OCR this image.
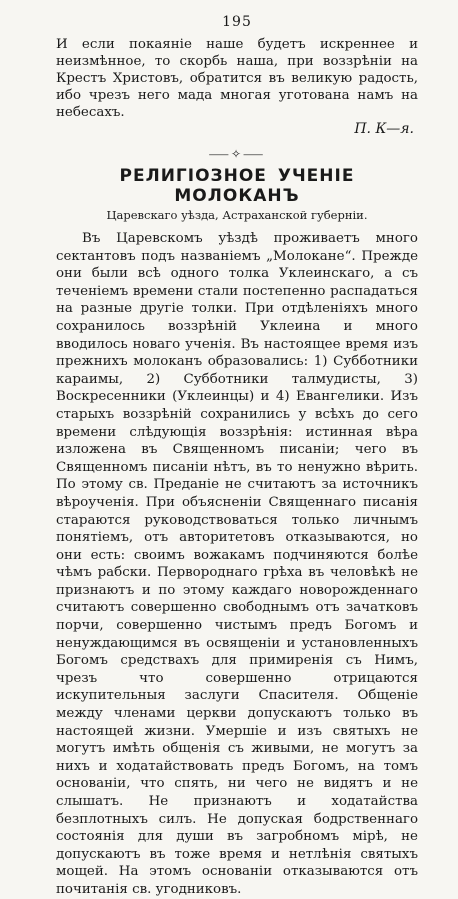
195

И если покаяніе наше будетъ искреннее и неизмѣнное, то скорбь наша, при воззрѣніи на Крестъ Христовъ, обратится въ великую радость, ибо чрезъ него мада многая уготована намъ на небесахъ.

П. К—я.
⸺✧⸺
РЕЛИГІОЗНОЕ УЧЕНІЕ МОЛОКАНЪ
Царевскаго уѣзда, Астраханской губерніи.

Въ Царевскомъ уѣздѣ проживаетъ много сектантовъ подъ названіемъ „Молокане“. Прежде они были всѣ одного толка Уклеинскаго, а съ теченіемъ времени стали постепенно распадаться на разные другіе толки. При отдѣленіяхъ много сохранилось воззрѣній Уклеина и много вводилось новаго ученія. Въ настоящее время изъ прежнихъ молоканъ образовались: 1) Субботники караимы, 2) Субботники талмудисты, 3) Воскресенники (Уклеинцы) и 4) Евангелики. Изъ старыхъ воззрѣній сохранились у всѣхъ до сего времени слѣдующія воззрѣнія: истинная вѣра изложена въ Священномъ писаніи; чего въ Священномъ писаніи нѣтъ, въ то ненужно вѣрить. По этому св. Преданіе не считаютъ за источникъ вѣроученія. При объясненіи Священнаго писанія стараются руководствоваться только личнымъ понятіемъ, отъ авторитетовъ отказываются, но они есть: своимъ вожакамъ подчиняются болѣе чѣмъ рабски. Первороднаго грѣха въ человѣкѣ не признаютъ и по этому каждаго новорожденнаго считаютъ совершенно свободнымъ отъ зачатковъ порчи, совершенно чистымъ предъ Богомъ и ненуждающимся въ освященіи и установленныхъ Богомъ средствахъ для примиренія съ Нимъ, чрезъ что совершенно отрицаются искупительныя заслуги Спасителя. Общеніе между членами церкви допускаютъ только въ настоящей жизни. Умершіе и изъ святыхъ не могутъ имѣть общенія съ живыми, не могутъ за нихъ и ходатайствовать предъ Богомъ, на томъ основаніи, что спять, ни чего не видятъ и не слышатъ. Не признаютъ и ходатайства безплотныхъ силъ. Не допуская бодрственнаго состоянія для души въ загробномъ мірѣ, не допускаютъ въ тоже время и нетлѣнія святыхъ мощей. На этомъ основаніи отказываются отъ почитанія св. угодниковъ.
